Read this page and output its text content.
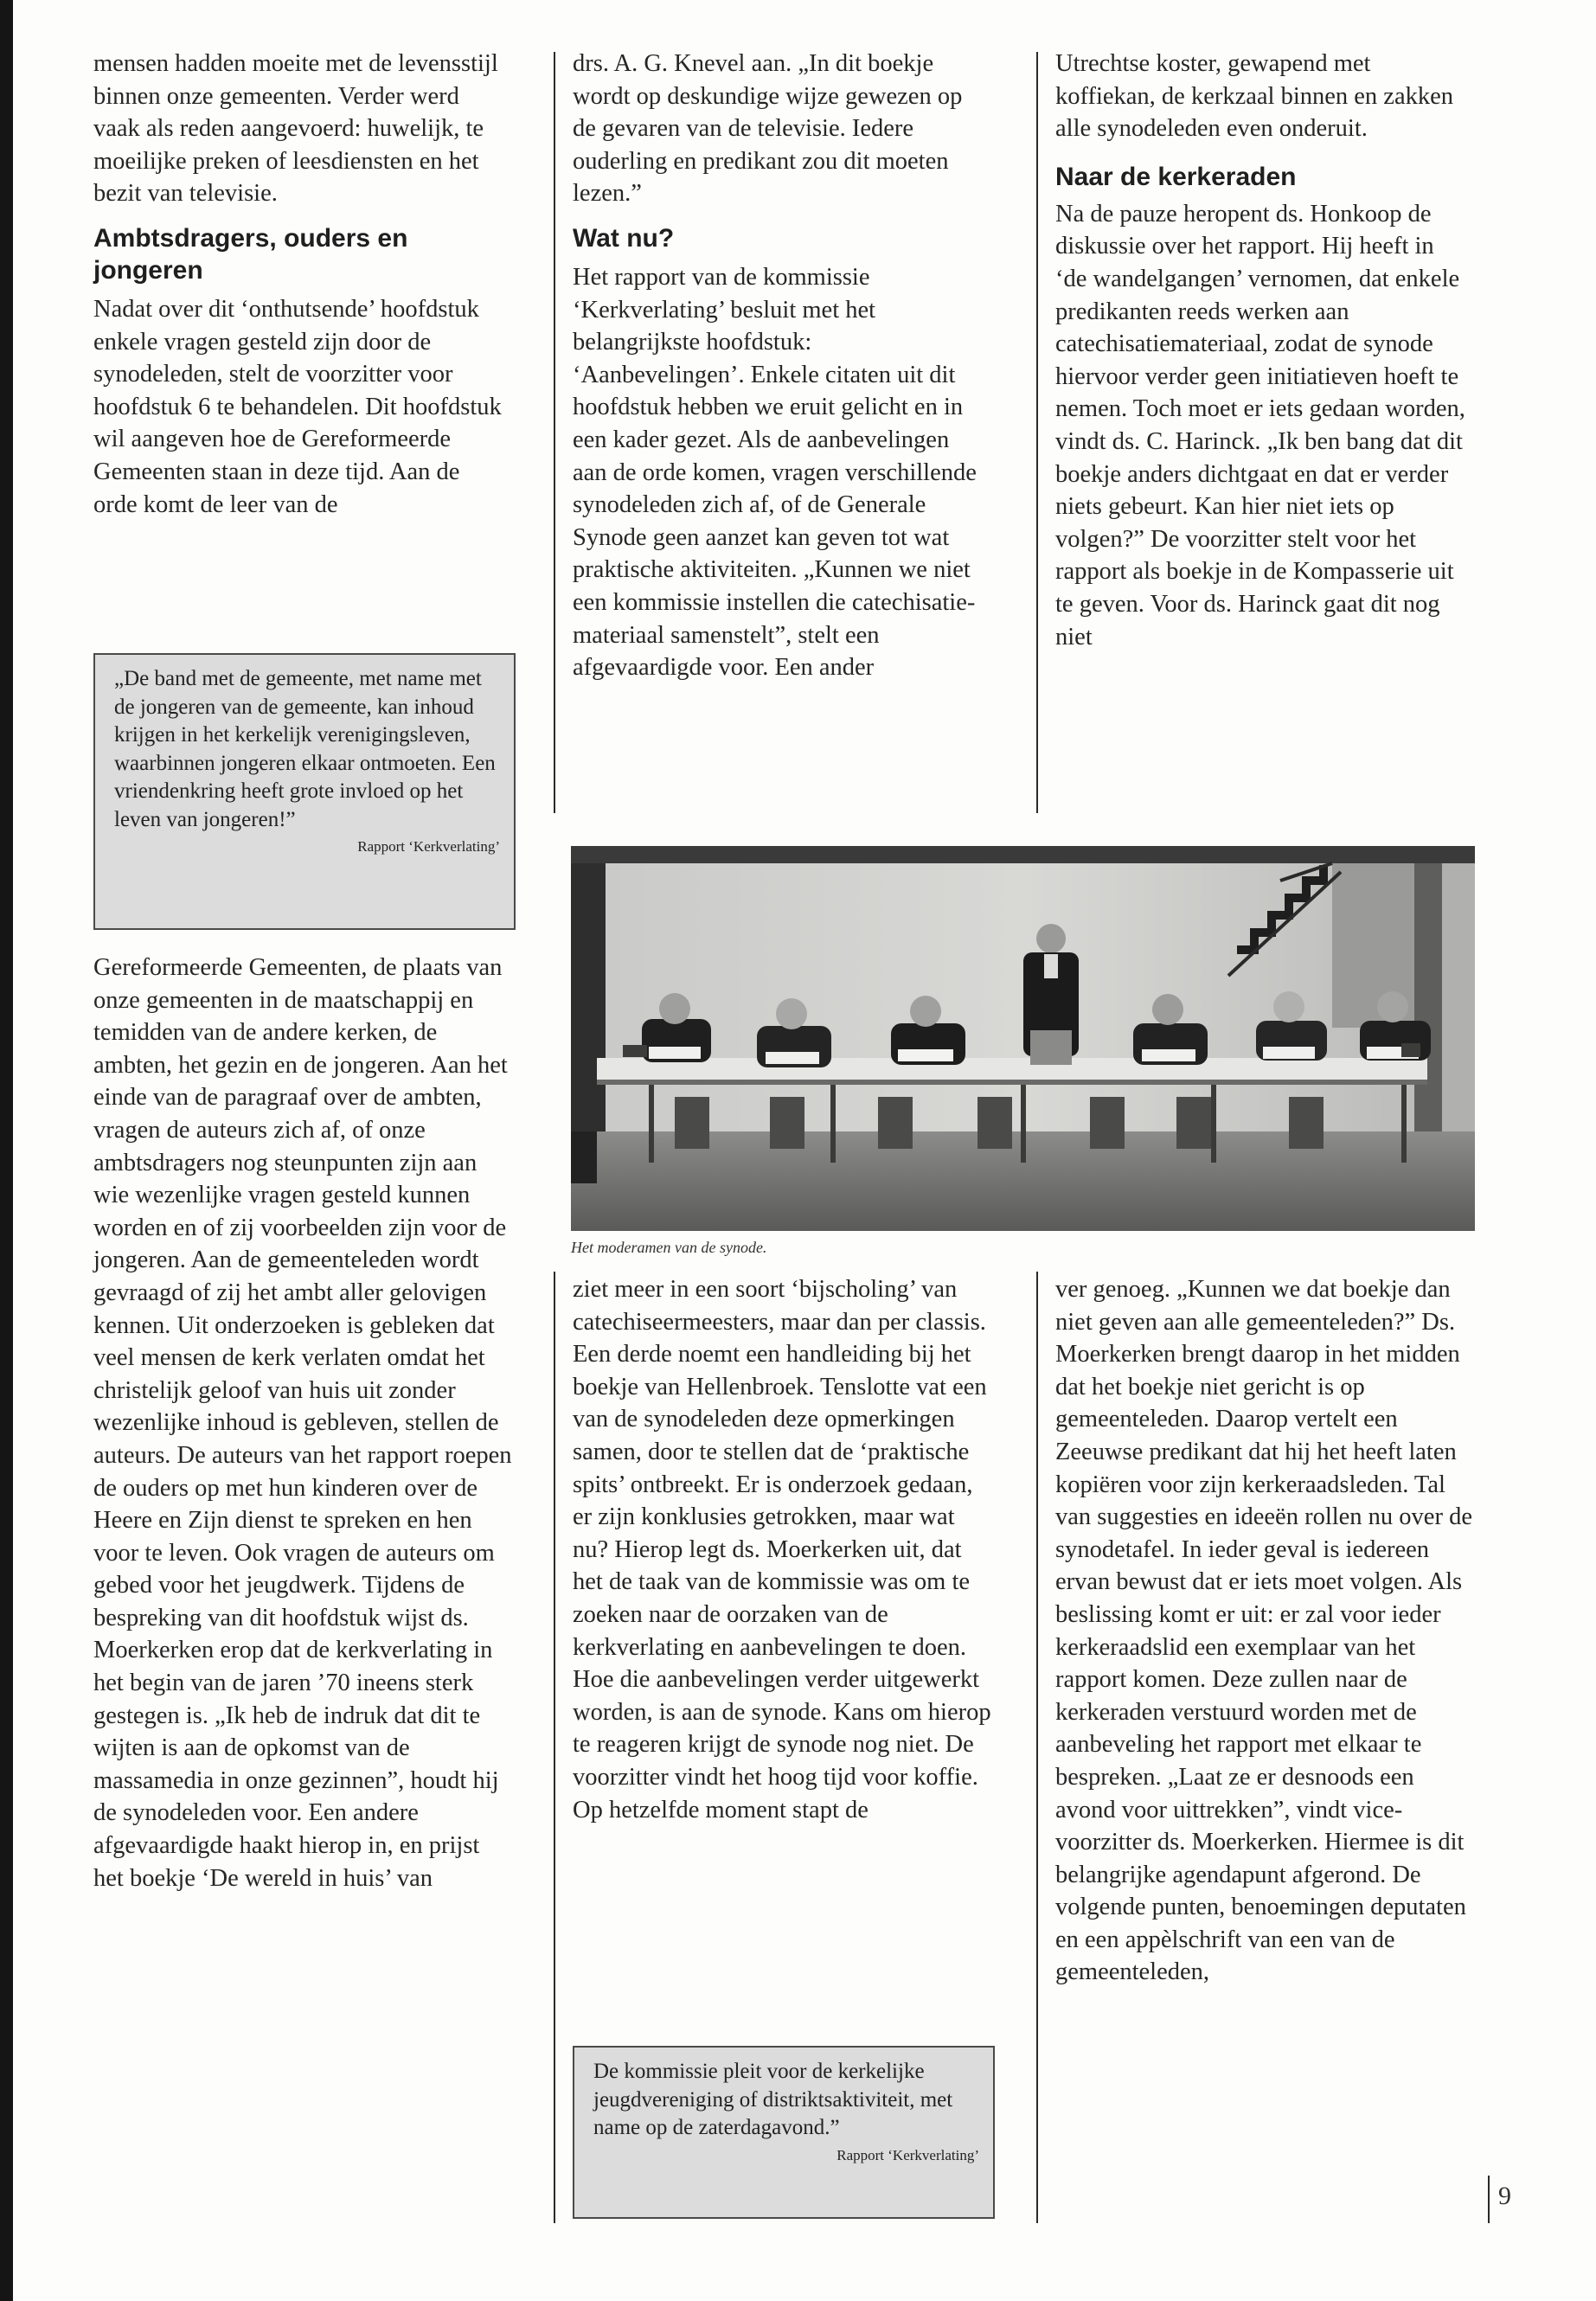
mensen hadden moeite met de levensstijl binnen onze gemeenten. Verder werd vaak als reden aangevoerd: huwelijk, te moeilijke preken of leesdiensten en het bezit van televisie.

Ambtsdragers, ouders en jongeren

Nadat over dit ‘onthutsende’ hoofdstuk enkele vragen gesteld zijn door de synodeleden, stelt de voorzitter voor hoofdstuk 6 te behandelen. Dit hoofdstuk wil aangeven hoe de Gereformeerde Gemeenten staan in deze tijd. Aan de orde komt de leer van de

„De band met de gemeente, met name met de jongeren van de gemeente, kan inhoud krijgen in het kerkelijk verenigingsleven, waarbinnen jongeren elkaar ontmoeten. Een vriendenkring heeft grote invloed op het leven van jongeren!”

Rapport ‘Kerkverlating’

Gereformeerde Gemeenten, de plaats van onze gemeenten in de maatschappij en temidden van de andere kerken, de ambten, het gezin en de jongeren. Aan het einde van de paragraaf over de ambten, vragen de auteurs zich af, of onze ambtsdragers nog steunpunten zijn aan wie wezenlijke vragen gesteld kunnen worden en of zij voorbeelden zijn voor de jongeren. Aan de gemeenteleden wordt gevraagd of zij het ambt aller gelovigen kennen. Uit onderzoeken is gebleken dat veel mensen de kerk verlaten omdat het christelijk geloof van huis uit zonder wezenlijke inhoud is gebleven, stellen de auteurs. De auteurs van het rapport roepen de ouders op met hun kinderen over de Heere en Zijn dienst te spreken en hen voor te leven. Ook vragen de auteurs om gebed voor het jeugdwerk. Tijdens de bespreking van dit hoofdstuk wijst ds. Moerkerken erop dat de kerkverlating in het begin van de jaren ’70 ineens sterk gestegen is. „Ik heb de indruk dat dit te wijten is aan de opkomst van de massamedia in onze gezinnen”, houdt hij de synodeleden voor. Een andere afgevaardigde haakt hierop in, en prijst het boekje ‘De wereld in huis’ van

drs. A. G. Knevel aan. „In dit boekje wordt op deskundige wijze gewezen op de gevaren van de televisie. Iedere ouderling en predikant zou dit moeten lezen.”

Wat nu?

Het rapport van de kommissie ‘Kerkverlating’ besluit met het belangrijkste hoofdstuk: ‘Aanbevelingen’. Enkele citaten uit dit hoofdstuk hebben we eruit gelicht en in een kader gezet. Als de aanbevelingen aan de orde komen, vragen verschillende synodeleden zich af, of de Generale Synode geen aanzet kan geven tot wat praktische aktiviteiten. „Kunnen we niet een kommissie instellen die catechisatie-materiaal samenstelt”, stelt een afgevaardigde voor. Een ander

Utrechtse koster, gewapend met koffiekan, de kerkzaal binnen en zakken alle synodeleden even onderuit.

Naar de kerkeraden

Na de pauze heropent ds. Honkoop de diskussie over het rapport. Hij heeft in ‘de wandelgangen’ vernomen, dat enkele predikanten reeds werken aan catechisatiemateriaal, zodat de synode hiervoor verder geen initiatieven hoeft te nemen. Toch moet er iets gedaan worden, vindt ds. C. Harinck. „Ik ben bang dat dit boekje anders dichtgaat en dat er verder niets gebeurt. Kan hier niet iets op volgen?” De voorzitter stelt voor het rapport als boekje in de Kompasserie uit te geven. Voor ds. Harinck gaat dit nog niet

Het moderamen van de synode.

ziet meer in een soort ‘bijscholing’ van catechiseermeesters, maar dan per classis. Een derde noemt een handleiding bij het boekje van Hellenbroek. Tenslotte vat een van de synodeleden deze opmerkingen samen, door te stellen dat de ‘praktische spits’ ontbreekt. Er is onderzoek gedaan, er zijn konklusies getrokken, maar wat nu? Hierop legt ds. Moerkerken uit, dat het de taak van de kommissie was om te zoeken naar de oorzaken van de kerkverlating en aanbevelingen te doen. Hoe die aanbevelingen verder uitgewerkt worden, is aan de synode. Kans om hierop te reageren krijgt de synode nog niet. De voorzitter vindt het hoog tijd voor koffie. Op hetzelfde moment stapt de

De kommissie pleit voor de kerkelijke jeugdvereniging of distriktsaktiviteit, met name op de zaterdagavond.”

Rapport ‘Kerkverlating’

ver genoeg. „Kunnen we dat boekje dan niet geven aan alle gemeenteleden?” Ds. Moerkerken brengt daarop in het midden dat het boekje niet gericht is op gemeenteleden. Daarop vertelt een Zeeuwse predikant dat hij het heeft laten kopiëren voor zijn kerkeraadsleden. Tal van suggesties en ideeën rollen nu over de synodetafel. In ieder geval is iedereen ervan bewust dat er iets moet volgen. Als beslissing komt er uit: er zal voor ieder kerkeraadslid een exemplaar van het rapport komen. Deze zullen naar de kerkeraden verstuurd worden met de aanbeveling het rapport met elkaar te bespreken. „Laat ze er desnoods een avond voor uittrekken”, vindt vice-voorzitter ds. Moerkerken. Hiermee is dit belangrijke agendapunt afgerond. De volgende punten, benoemingen deputaten en een appèlschrift van een van de gemeenteleden,

9
